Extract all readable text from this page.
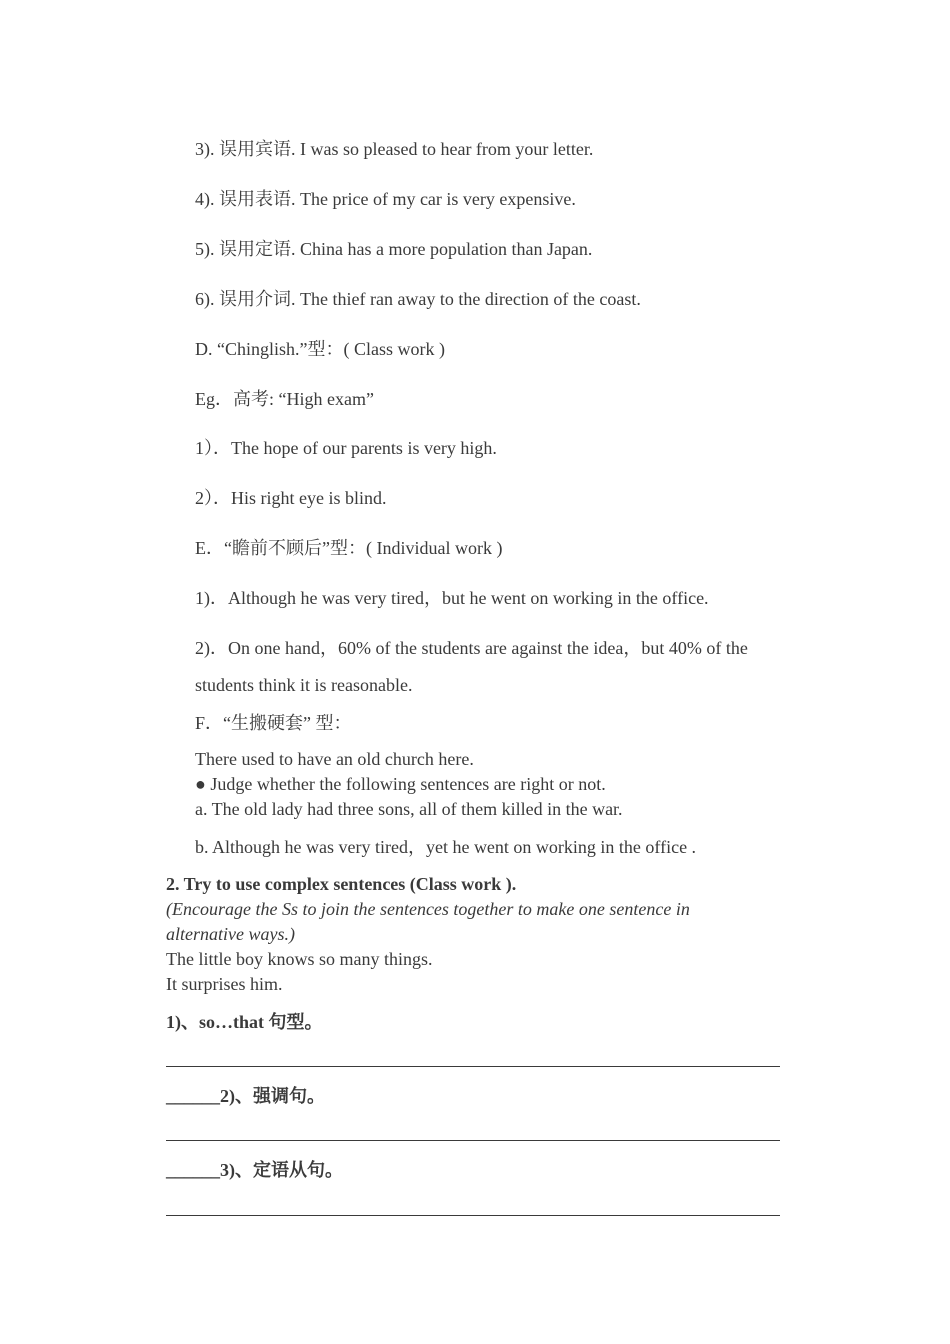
3). 误用宾语. I was so pleased to hear from your letter.
4). 误用表语. The price of my car is very expensive.
5). 误用定语. China has a more population than Japan.
6). 误用介词. The thief ran away to the direction of the coast.
D. “Chinglish.”型：( Class work )
Eg．高考: “High exam”
1）．The hope of our parents is very high.
2）．His right eye is blind.
E．“瞻前不顾后”型：( Individual work )
1)．Although he was very tired，but he went on working in the office.
2)．On one hand，60% of the students are against the idea，but 40% of the
students think it is reasonable.
F．“生搬硬套” 型：
There used to have an old church here.
● Judge whether the following sentences are right or not.
a. The old lady had three sons, all of them killed in the war.
b. Although he was very tired，yet he went on working in the office .
2. Try to use complex sentences (Class work ).
(Encourage the Ss to join the sentences together to make one sentence in
alternative ways.)
The little boy knows so many things.
It surprises him.
1)、so…that 句型。
______2)、强调句。
______3)、定语从句。
